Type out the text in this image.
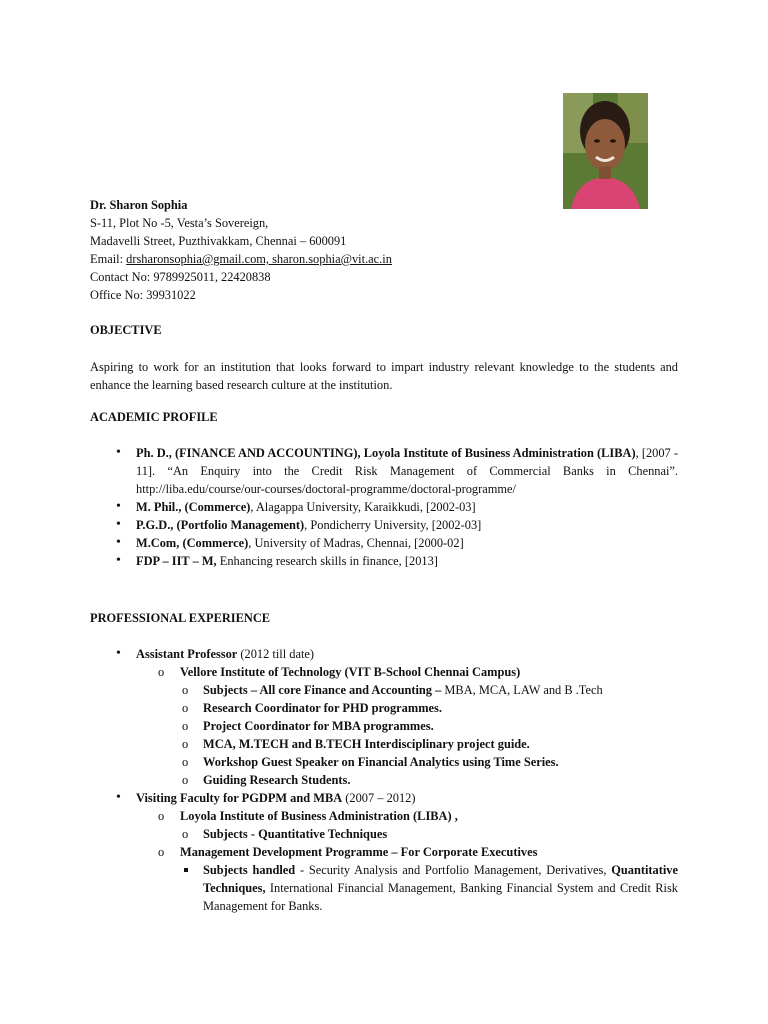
Dr. Sharon Sophia
S-11, Plot No -5, Vesta’s Sovereign,
Madavelli Street, Puzthivakkam, Chennai – 600091
Email: drsharonsophia@gmail.com, sharon.sophia@vit.ac.in
Contact No: 9789925011, 22420838
Office No: 39931022
OBJECTIVE
Aspiring to work for an institution that looks forward to impart industry relevant knowledge to the students and enhance the learning based research culture at the institution.
ACADEMIC PROFILE
• Ph. D., (FINANCE AND ACCOUNTING), Loyola Institute of Business Administration (LIBA), [2007 - 11]. “An Enquiry into the Credit Risk Management of Commercial Banks in Chennai”. http://liba.edu/course/our-courses/doctoral-programme/doctoral-programme/
• M. Phil., (Commerce), Alagappa University, Karaikkudi, [2002-03]
• P.G.D., (Portfolio Management), Pondicherry University, [2002-03]
• M.Com, (Commerce), University of Madras, Chennai, [2000-02]
• FDP – IIT – M, Enhancing research skills in finance, [2013]
PROFESSIONAL EXPERIENCE
• Assistant Professor (2012 till date)
o Vellore Institute of Technology (VIT B-School Chennai Campus)
o Subjects – All core Finance and Accounting – MBA, MCA, LAW and B .Tech
o Research Coordinator for PHD programmes.
o Project Coordinator for MBA programmes.
o MCA, M.TECH and B.TECH Interdisciplinary project guide.
o Workshop Guest Speaker on Financial Analytics using Time Series.
o Guiding Research Students.
• Visiting Faculty for PGDPM and MBA (2007 – 2012)
o Loyola Institute of Business Administration (LIBA) ,
o Subjects - Quantitative Techniques
o Management Development Programme – For Corporate Executives
Subjects handled - Security Analysis and Portfolio Management, Derivatives, Quantitative Techniques, International Financial Management, Banking Financial System and Credit Risk Management for Banks.
